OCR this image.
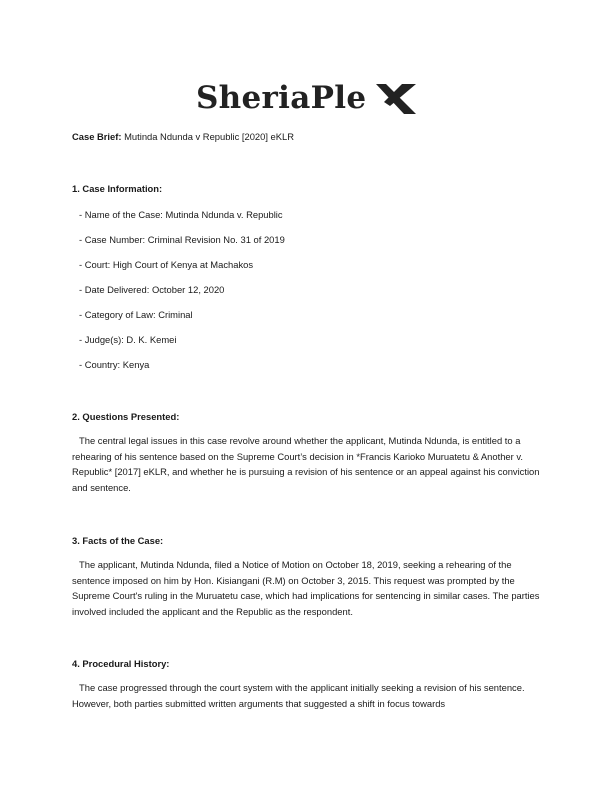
SheriaPle
Case Brief: Mutinda Ndunda v Republic [2020] eKLR
1. Case Information:
- Name of the Case: Mutinda Ndunda v. Republic
- Case Number: Criminal Revision No. 31 of 2019
- Court: High Court of Kenya at Machakos
- Date Delivered: October 12, 2020
- Category of Law: Criminal
- Judge(s): D. K. Kemei
- Country: Kenya
2. Questions Presented:
The central legal issues in this case revolve around whether the applicant, Mutinda Ndunda, is entitled to a rehearing of his sentence based on the Supreme Court’s decision in *Francis Karioko Muruatetu & Another v. Republic* [2017] eKLR, and whether he is pursuing a revision of his sentence or an appeal against his conviction and sentence.
3. Facts of the Case:
The applicant, Mutinda Ndunda, filed a Notice of Motion on October 18, 2019, seeking a rehearing of the sentence imposed on him by Hon. Kisiangani (R.M) on October 3, 2015. This request was prompted by the Supreme Court's ruling in the Muruatetu case, which had implications for sentencing in similar cases. The parties involved included the applicant and the Republic as the respondent.
4. Procedural History:
The case progressed through the court system with the applicant initially seeking a revision of his sentence. However, both parties submitted written arguments that suggested a shift in focus towards
